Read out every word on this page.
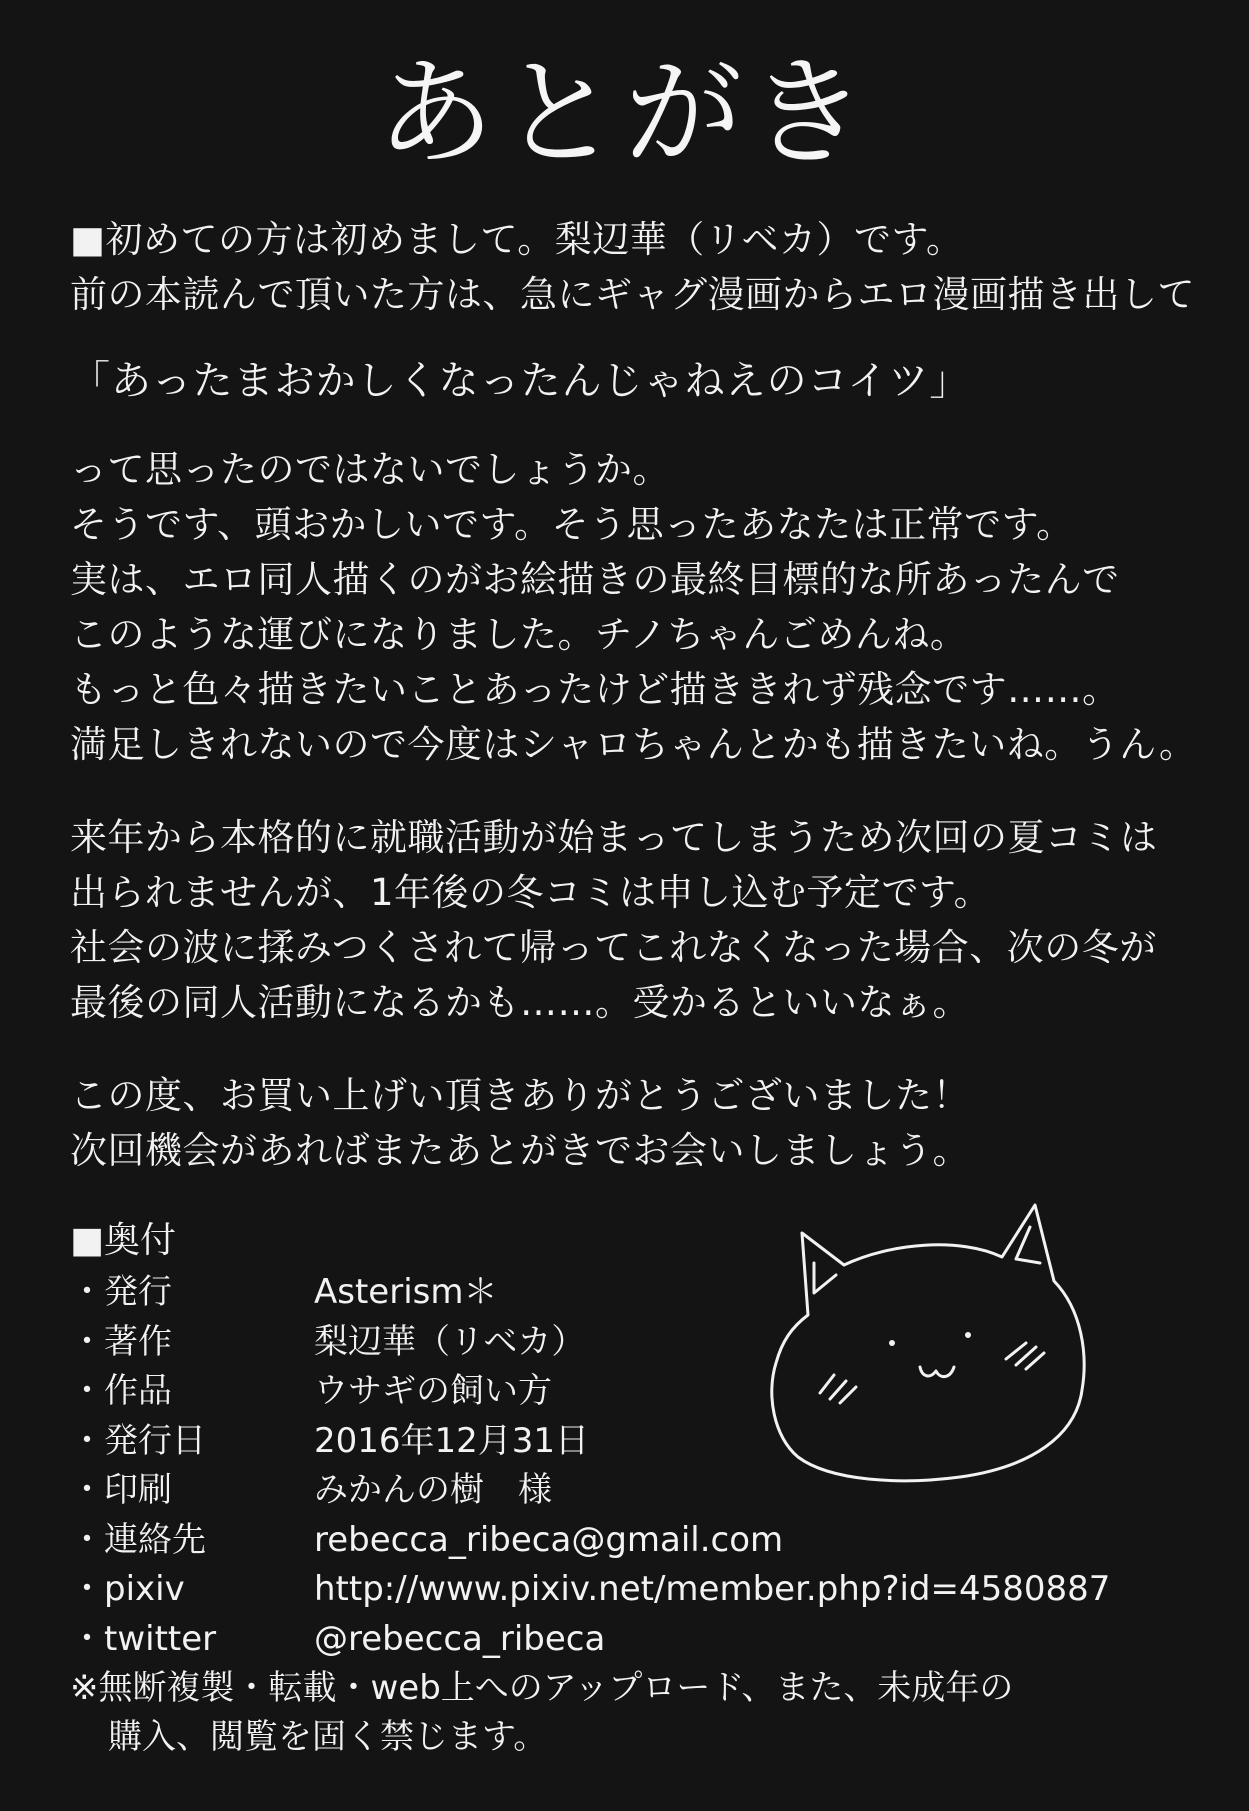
あとがき
■初めての方は初めまして。梨辺華（リベカ）です。
前の本読んで頂いた方は、急にギャグ漫画からエロ漫画描き出して
「あったまおかしくなったんじゃねえのコイツ」
って思ったのではないでしょうか。
そうです、頭おかしいです。そう思ったあなたは正常です。
実は、エロ同人描くのがお絵描きの最終目標的な所あったんで
このような運びになりました。チノちゃんごめんね。
もっと色々描きたいことあったけど描ききれず残念です……。
満足しきれないので今度はシャロちゃんとかも描きたいね。うん。
来年から本格的に就職活動が始まってしまうため次回の夏コミは
出られませんが、1年後の冬コミは申し込む予定です。
社会の波に揉みつくされて帰ってこれなくなった場合、次の冬が
最後の同人活動になるかも……。受かるといいなぁ。
この度、お買い上げい頂きありがとうございました！
次回機会があればまたあとがきでお会いしましょう。
■奥付
・発行	Asterism＊
・著作	梨辺華（リベカ）
・作品	ウサギの飼い方
・発行日	2016年12月31日
・印刷	みかんの樹　様
・連絡先	rebecca_ribeca@gmail.com
・pixiv	http://www.pixiv.net/member.php?id=4580887
・twitter	@rebecca_ribeca
※無断複製・転載・web上へのアップロード、また、未成年の
購入、閲覧を固く禁じます。
